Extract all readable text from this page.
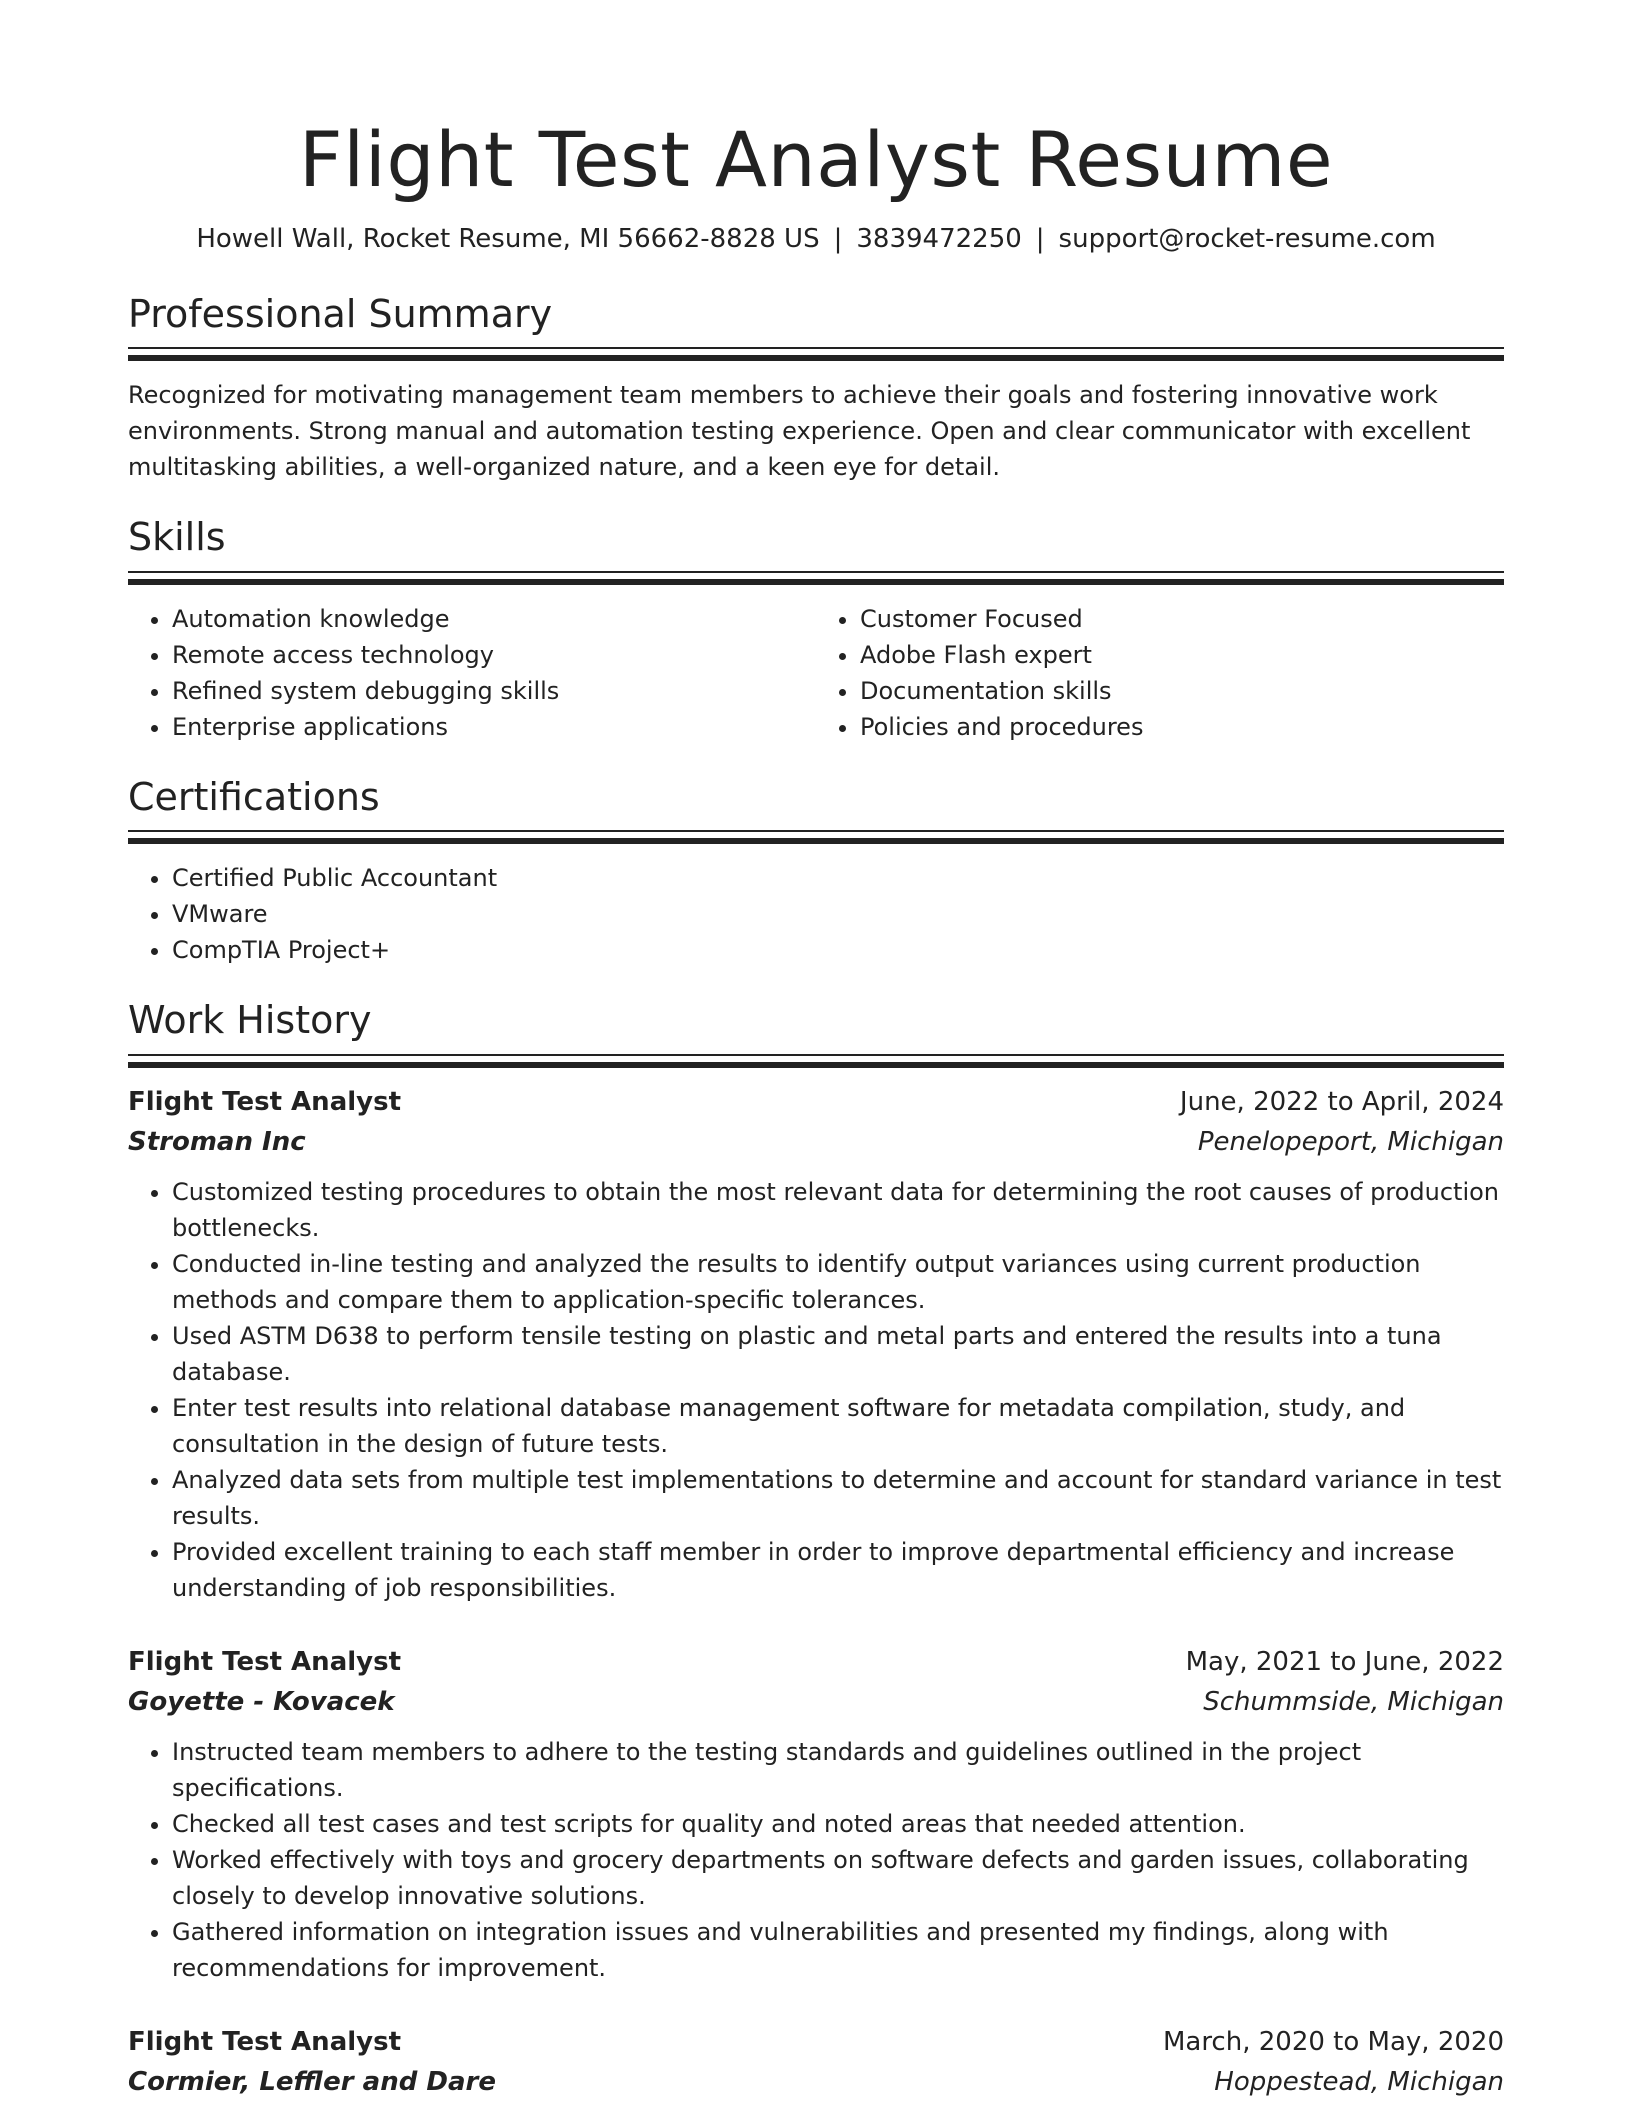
Flight Test Analyst Resume
Howell Wall, Rocket Resume, MI 56662-8828 US | 3839472250 | support@rocket-resume.com
Professional Summary

Recognized for motivating management team members to achieve their goals and fostering innovative work environments. Strong manual and automation testing experience. Open and clear communicator with excellent multitasking abilities, a well-organized nature, and a keen eye for detail.

Skills
• Automation knowledge
• Remote access technology
• Refined system debugging skills
• Enterprise applications
• Customer Focused
• Adobe Flash expert
• Documentation skills
• Policies and procedures
Certifications
• Certified Public Accountant
• VMware
• CompTIA Project+
Work History
Flight Test Analyst	June, 2022 to April, 2024
Stroman Inc	Penelopeport, Michigan
• Customized testing procedures to obtain the most relevant data for determining the root causes of production bottlenecks.
• Conducted in-line testing and analyzed the results to identify output variances using current production methods and compare them to application-specific tolerances.
• Used ASTM D638 to perform tensile testing on plastic and metal parts and entered the results into a tuna database.
• Enter test results into relational database management software for metadata compilation, study, and consultation in the design of future tests.
• Analyzed data sets from multiple test implementations to determine and account for standard variance in test results.
• Provided excellent training to each staff member in order to improve departmental efficiency and increase understanding of job responsibilities.
Flight Test Analyst	May, 2021 to June, 2022
Goyette - Kovacek	Schummside, Michigan
• Instructed team members to adhere to the testing standards and guidelines outlined in the project specifications.
• Checked all test cases and test scripts for quality and noted areas that needed attention.
• Worked effectively with toys and grocery departments on software defects and garden issues, collaborating closely to develop innovative solutions.
• Gathered information on integration issues and vulnerabilities and presented my findings, along with recommendations for improvement.
Flight Test Analyst	March, 2020 to May, 2020
Cormier, Leffler and Dare	Hoppestead, Michigan
